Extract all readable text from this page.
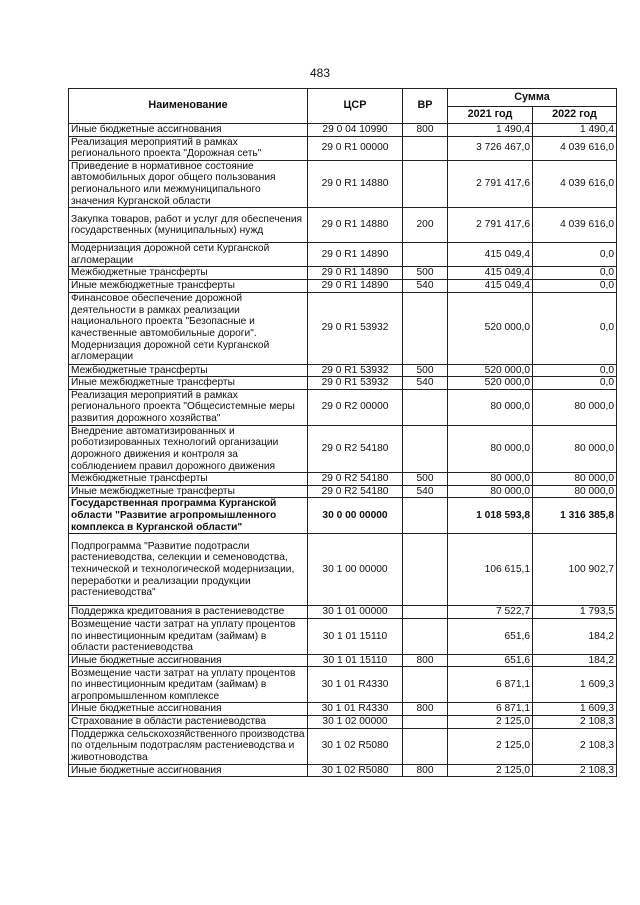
483
Наименование	ЦСР	ВР	Сумма	
			2021 год	2022 год
Иные бюджетные ассигнования	29 0 04 10990	800	1 490,4	1 490,4
Реализация мероприятий в рамках регионального проекта "Дорожная сеть"	29 0 R1 00000		3 726 467,0	4 039 616,0
Приведение в нормативное состояние автомобильных дорог общего пользования регионального или межмуниципального значения Курганской области	29 0 R1 14880		2 791 417,6	4 039 616,0
Закупка товаров, работ и услуг для обеспечения государственных (муниципальных) нужд	29 0 R1 14880	200	2 791 417,6	4 039 616,0
Модернизация дорожной сети Курганской агломерации	29 0 R1 14890		415 049,4	0,0
Межбюджетные трансферты	29 0 R1 14890	500	415 049,4	0,0
Иные межбюджетные трансферты	29 0 R1 14890	540	415 049,4	0,0
Финансовое обеспечение дорожной деятельности в рамках реализации национального проекта "Безопасные и качественные автомобильные дороги". Модернизация дорожной сети Курганской агломерации	29 0 R1 53932		520 000,0	0,0
Межбюджетные трансферты	29 0 R1 53932	500	520 000,0	0,0
Иные межбюджетные трансферты	29 0 R1 53932	540	520 000,0	0,0
Реализация мероприятий в рамках регионального проекта "Общесистемные меры развития дорожного хозяйства"	29 0 R2 00000		80 000,0	80 000,0
Внедрение автоматизированных и роботизированных технологий организации дорожного движения и контроля за соблюдением правил дорожного движения	29 0 R2 54180		80 000,0	80 000,0
Межбюджетные трансферты	29 0 R2 54180	500	80 000,0	80 000,0
Иные межбюджетные трансферты	29 0 R2 54180	540	80 000,0	80 000,0
Государственная программа Курганской области "Развитие агропромышленного комплекса в Курганской области"	30 0 00 00000		1 018 593,8	1 316 385,8
Подпрограмма "Развитие подотрасли растениеводства, селекции и семеноводства, технической и технологической модернизации, переработки и реализации продукции растениеводства"	30 1 00 00000		106 615,1	100 902,7
Поддержка кредитования в растениеводстве	30 1 01 00000		7 522,7	1 793,5
Возмещение части затрат на уплату процентов по инвестиционным кредитам (займам) в области растениеводства	30 1 01 15110		651,6	184,2
Иные бюджетные ассигнования	30 1 01 15110	800	651,6	184,2
Возмещение части затрат на уплату процентов по инвестиционным кредитам (займам) в агропромышленном комплексе	30 1 01 R4330		6 871,1	1 609,3
Иные бюджетные ассигнования	30 1 01 R4330	800	6 871,1	1 609,3
Страхование в области растениеводства	30 1 02 00000		2 125,0	2 108,3
Поддержка сельскохозяйственного производства по отдельным подотраслям растениеводства и животноводства	30 1 02 R5080		2 125,0	2 108,3
Иные бюджетные ассигнования	30 1 02 R5080	800	2 125,0	2 108,3
